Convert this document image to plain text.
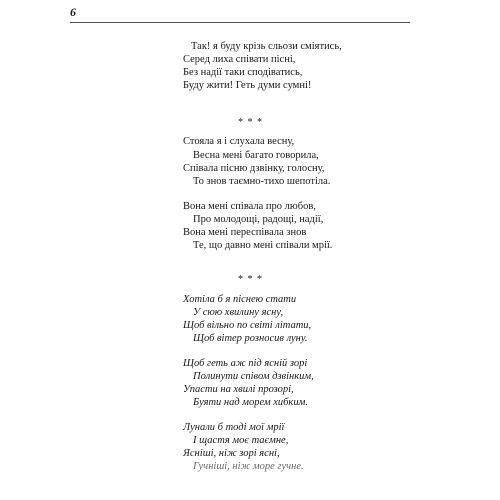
6
Так! я буду крізь сльози сміятись,
Серед лиха співати пісні,
Без надії таки сподіватись,
Буду жити! Геть думи сумні!
* * *
Стояла я і слухала весну,
Весна мені багато говорила,
Співала пісню дзвінку, голосну,
То знов таємно-тихо шепотіла.
Вона мені співала про любов,
Про молодощі, радощі, надії,
Вона мені переспівала знов
Те, що давно мені співали мрії.
* * *
Хотіла б я піснею стати
У сюю хвилину ясну,
Щоб вільно по світі літати,
Щоб вітер розносив луну.
Щоб геть аж під ясній зорі
Полинути співом дзвінким,
Упасти на хвилі прозорі,
Буяти над морем хибким.
Лунали б тоді мої мрії
І щастя моє таємне,
Ясніші, ніж зорі ясні,
Гучніші, ніж море гучне.
